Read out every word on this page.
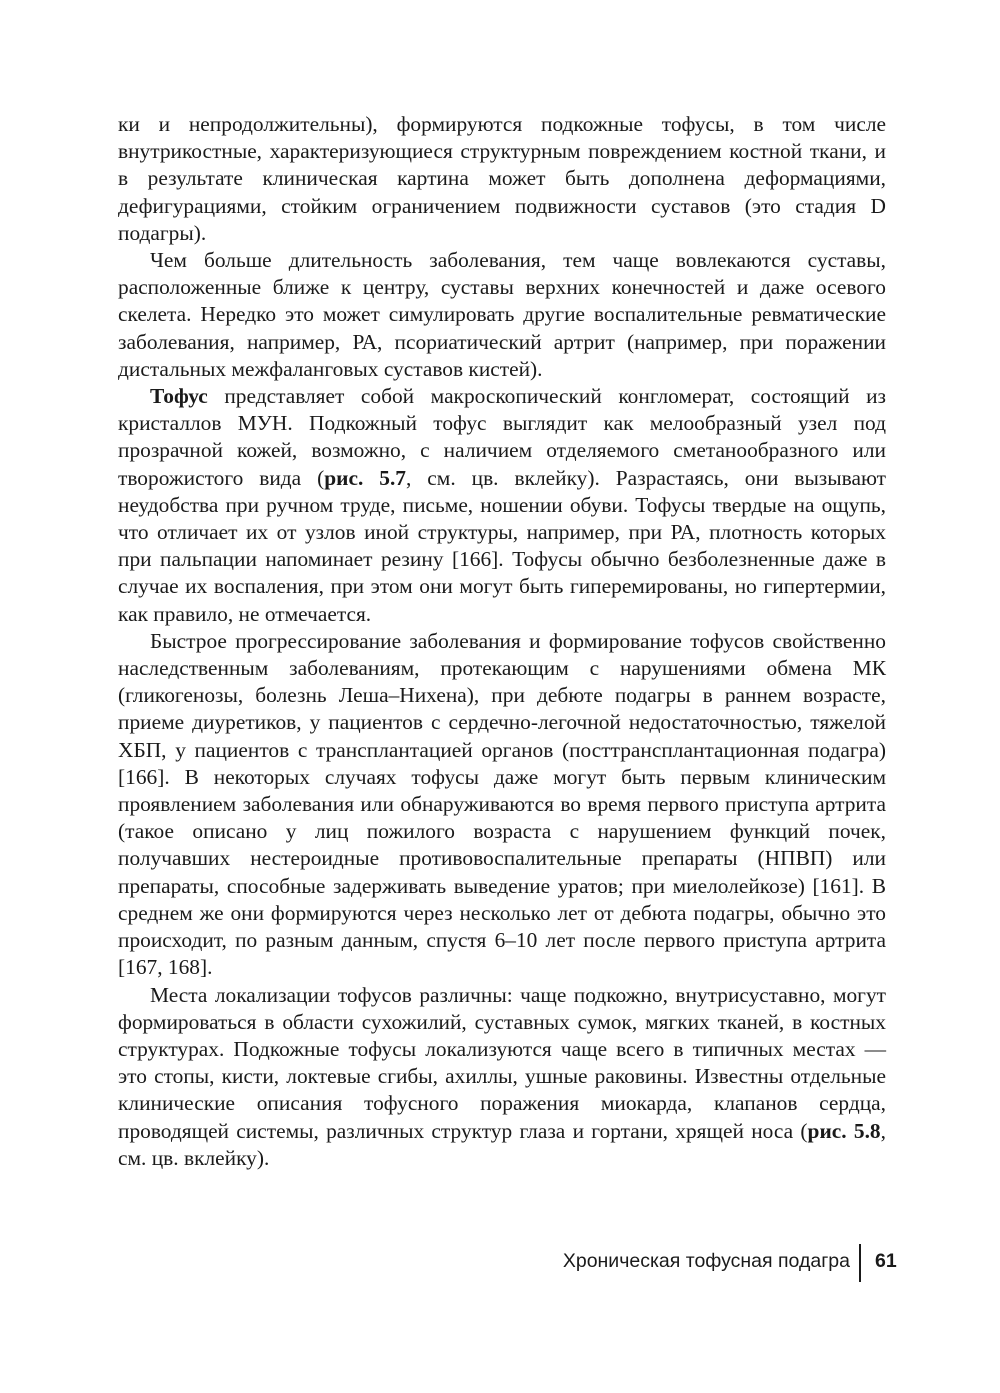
ки и непродолжительны), формируются подкожные тофусы, в том числе внутрикостные, характеризующиеся структурным повреждением костной ткани, и в результате клиническая картина может быть дополнена деформациями, дефигурациями, стойким ограничением подвижности суставов (это стадия D подагры).

Чем больше длительность заболевания, тем чаще вовлекаются суставы, расположенные ближе к центру, суставы верхних конечностей и даже осевого скелета. Нередко это может симулировать другие воспалительные ревматические заболевания, например, РА, псориатический артрит (например, при поражении дистальных межфаланговых суставов кистей).

Тофус представляет собой макроскопический конгломерат, состоящий из кристаллов МУН. Подкожный тофус выглядит как мелообразный узел под прозрачной кожей, возможно, с наличием отделяемого сметанообразного или творожистого вида (рис. 5.7, см. цв. вклейку). Разрастаясь, они вызывают неудобства при ручном труде, письме, ношении обуви. Тофусы твердые на ощупь, что отличает их от узлов иной структуры, например, при РА, плотность которых при пальпации напоминает резину [166]. Тофусы обычно безболезненные даже в случае их воспаления, при этом они могут быть гиперемированы, но гипертермии, как правило, не отмечается.

Быстрое прогрессирование заболевания и формирование тофусов свойственно наследственным заболеваниям, протекающим с нарушениями обмена МК (гликогенозы, болезнь Леша–Нихена), при дебюте подагры в раннем возрасте, приеме диуретиков, у пациентов с сердечно-легочной недостаточностью, тяжелой ХБП, у пациентов с трансплантацией органов (посттрансплантационная подагра) [166]. В некоторых случаях тофусы даже могут быть первым клиническим проявлением заболевания или обнаруживаются во время первого приступа артрита (такое описано у лиц пожилого возраста с нарушением функций почек, получавших нестероидные противовоспалительные препараты (НПВП) или препараты, способные задерживать выведение уратов; при миелолейкозе) [161]. В среднем же они формируются через несколько лет от дебюта подагры, обычно это происходит, по разным данным, спустя 6–10 лет после первого приступа артрита [167, 168].

Места локализации тофусов различны: чаще подкожно, внутрисуставно, могут формироваться в области сухожилий, суставных сумок, мягких тканей, в костных структурах. Подкожные тофусы локализуются чаще всего в типичных местах — это стопы, кисти, локтевые сгибы, ахиллы, ушные раковины. Известны отдельные клинические описания тофусного поражения миокарда, клапанов сердца, проводящей системы, различных структур глаза и гортани, хрящей носа (рис. 5.8, см. цв. вклейку).

Хроническая тофусная подагра 61
